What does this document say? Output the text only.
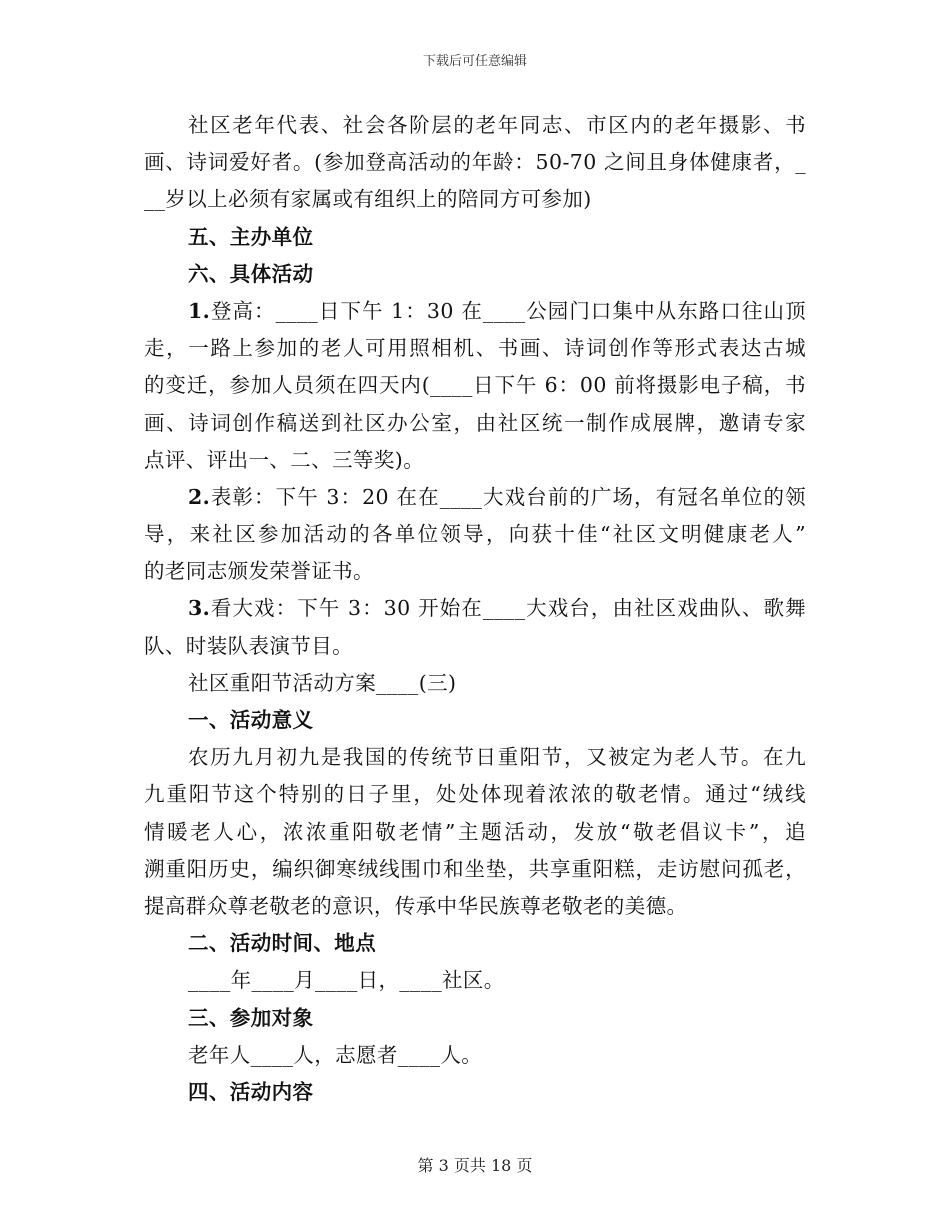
下载后可任意编辑
社区老年代表、社会各阶层的老年同志、市区内的老年摄影、书
画、诗词爱好者。(参加登高活动的年龄：50-70 之间且身体健康者，_
__岁以上必须有家属或有组织上的陪同方可参加)
五、主办单位
六、具体活动
1.登高：____日下午 1：30 在____公园门口集中从东路口往山顶
走，一路上参加的老人可用照相机、书画、诗词创作等形式表达古城
的变迁，参加人员须在四天内(____日下午 6：00 前将摄影电子稿，书
画、诗词创作稿送到社区办公室，由社区统一制作成展牌，邀请专家
点评、评出一、二、三等奖)。
2.表彰：下午 3：20 在在____大戏台前的广场，有冠名单位的领
导，来社区参加活动的各单位领导，向获十佳“社区文明健康老人”
的老同志颁发荣誉证书。
3.看大戏：下午 3：30 开始在____大戏台，由社区戏曲队、歌舞
队、时装队表演节目。
社区重阳节活动方案____(三)
一、活动意义
农历九月初九是我国的传统节日重阳节，又被定为老人节。在九
九重阳节这个特别的日子里，处处体现着浓浓的敬老情。通过“绒线
情暖老人心，浓浓重阳敬老情”主题活动，发放“敬老倡议卡”，追
溯重阳历史，编织御寒绒线围巾和坐垫，共享重阳糕，走访慰问孤老，
提高群众尊老敬老的意识，传承中华民族尊老敬老的美德。
二、活动时间、地点
____年____月____日，____社区。
三、参加对象
老年人____人，志愿者____人。
四、活动内容
第 3 页共 18 页
